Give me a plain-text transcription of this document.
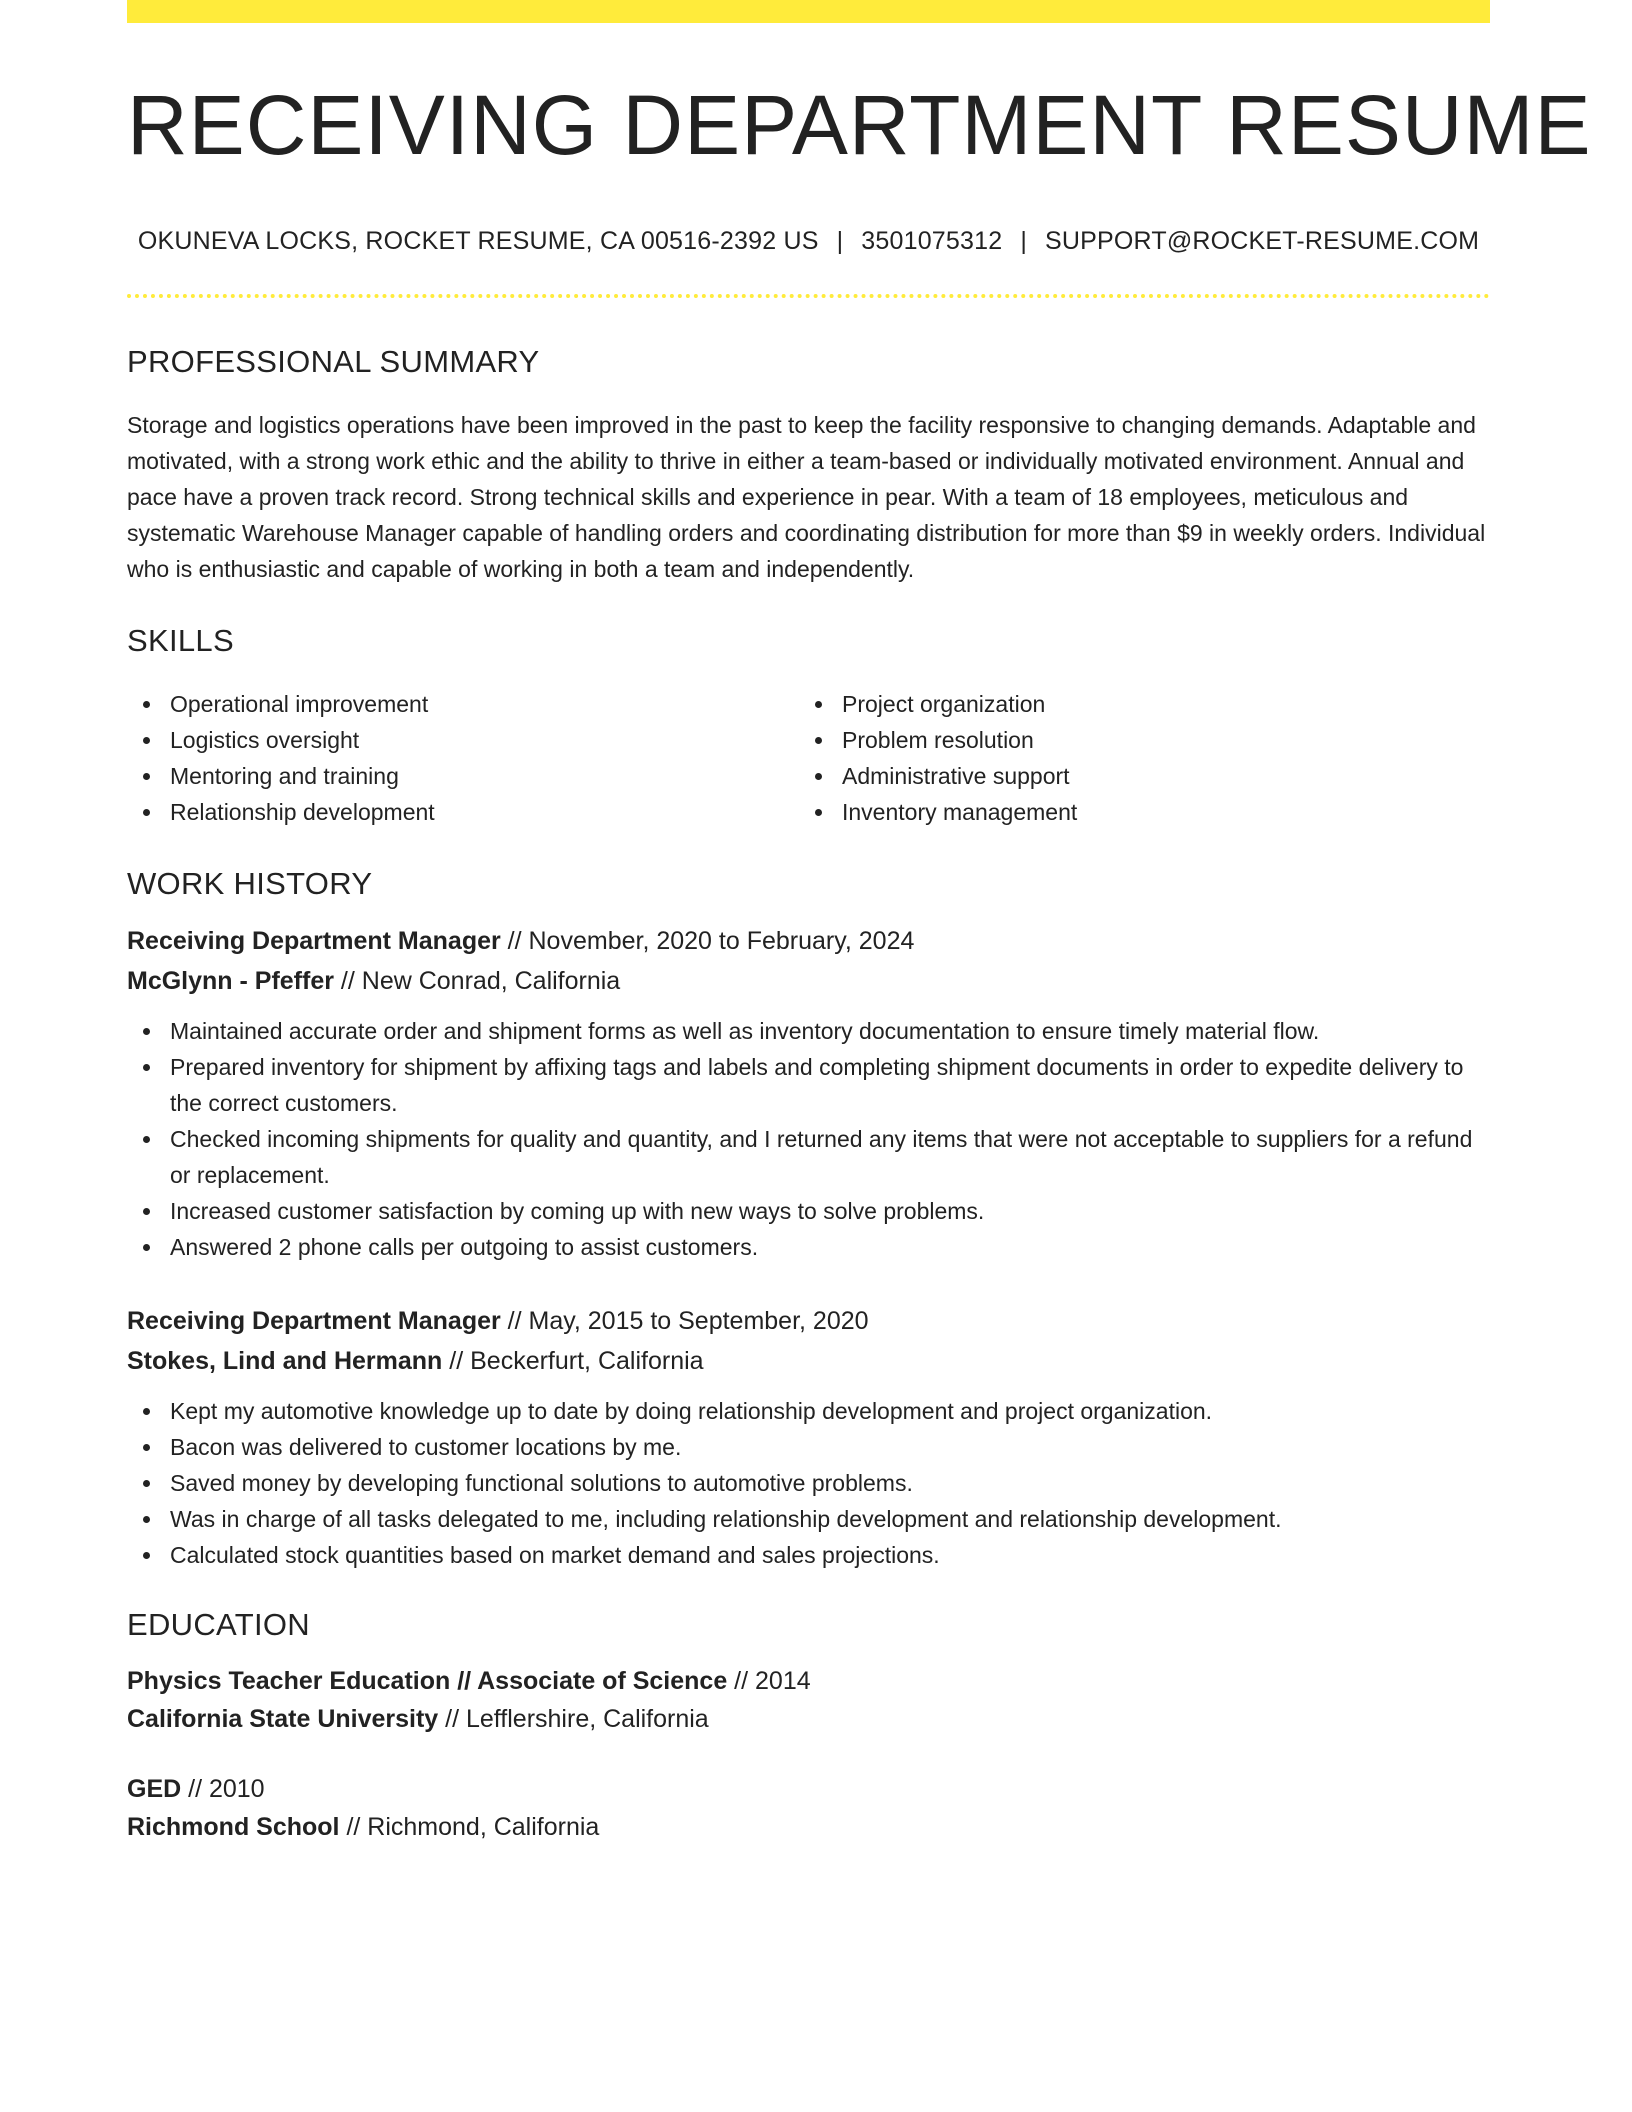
RECEIVING DEPARTMENT RESUME
OKUNEVA LOCKS, ROCKET RESUME, CA 00516-2392 US | 3501075312 | SUPPORT@ROCKET-RESUME.COM
PROFESSIONAL SUMMARY

Storage and logistics operations have been improved in the past to keep the facility responsive to changing demands. Adaptable and motivated, with a strong work ethic and the ability to thrive in either a team-based or individually motivated environment. Annual and pace have a proven track record. Strong technical skills and experience in pear. With a team of 18 employees, meticulous and systematic Warehouse Manager capable of handling orders and coordinating distribution for more than $9 in weekly orders. Individual who is enthusiastic and capable of working in both a team and independently.

SKILLS
Operational improvement
Logistics oversight
Mentoring and training
Relationship development
Project organization
Problem resolution
Administrative support
Inventory management
WORK HISTORY
Receiving Department Manager // November, 2020 to February, 2024
McGlynn - Pfeffer // New Conrad, California
Maintained accurate order and shipment forms as well as inventory documentation to ensure timely material flow.
Prepared inventory for shipment by affixing tags and labels and completing shipment documents in order to expedite delivery to the correct customers.
Checked incoming shipments for quality and quantity, and I returned any items that were not acceptable to suppliers for a refund or replacement.
Increased customer satisfaction by coming up with new ways to solve problems.
Answered 2 phone calls per outgoing to assist customers.
Receiving Department Manager // May, 2015 to September, 2020
Stokes, Lind and Hermann // Beckerfurt, California
Kept my automotive knowledge up to date by doing relationship development and project organization.
Bacon was delivered to customer locations by me.
Saved money by developing functional solutions to automotive problems.
Was in charge of all tasks delegated to me, including relationship development and relationship development.
Calculated stock quantities based on market demand and sales projections.
EDUCATION
Physics Teacher Education // Associate of Science // 2014
California State University // Lefflershire, California
GED // 2010
Richmond School // Richmond, California
